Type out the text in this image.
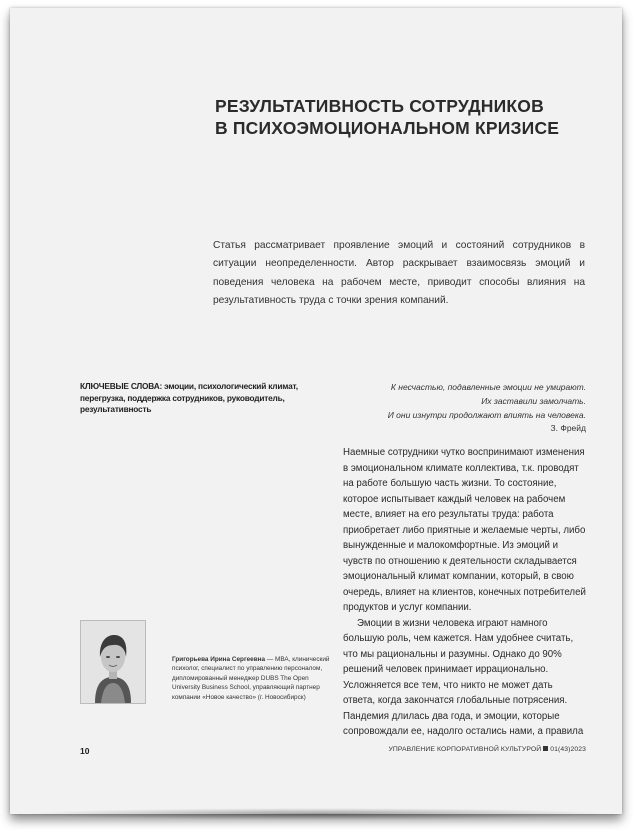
РЕЗУЛЬТАТИВНОСТЬ СОТРУДНИКОВ
В ПСИХОЭМОЦИОНАЛЬНОМ КРИЗИСЕ
Статья рассматривает проявление эмоций и состояний сотрудников в ситуации неопределенности. Автор раскрывает взаимосвязь эмоций и поведения человека на рабочем месте, приводит способы влияния на результативность труда с точки зрения компаний.
КЛЮЧЕВЫЕ СЛОВА: эмоции, психологический климат, перегрузка, поддержка сотрудников, руководитель, результативность
К несчастью, подавленные эмоции не умирают.
Их заставили замолчать.
И они изнутри продолжают влиять на человека.
З. Фрейд

Наемные сотрудники чутко воспринимают изменения в эмоциональном климате коллектива, т.к. проводят на работе большую часть жизни. То состояние, которое испытывает каждый человек на рабочем месте, влияет на его результаты труда: работа приобретает либо приятные и желаемые черты, либо вынужденные и малокомфортные. Из эмоций и чувств по отношению к деятельности складывается эмоциональный климат компании, который, в свою очередь, влияет на клиентов, конечных потребителей продуктов и услуг компании.

Эмоции в жизни человека играют намного большую роль, чем кажется. Нам удобнее считать, что мы рациональны и разумны. Однако до 90% решений человек принимает иррационально. Усложняется все тем, что никто не может дать ответа, когда закончатся глобальные потрясения. Пандемия длилась два года, и эмоции, которые сопровождали ее, надолго остались нами, а правила

Григорьева Ирина Сергеевна — МВА, клинический психолог, специалист по управлению персоналом, дипломированный менеджер DUBS The Open University Business School, управляющий партнер компании «Новое качество» (г. Новосибирск)
10	УПРАВЛЕНИЕ КОРПОРАТИВНОЙ КУЛЬТУРОЙ 01(43)2023
